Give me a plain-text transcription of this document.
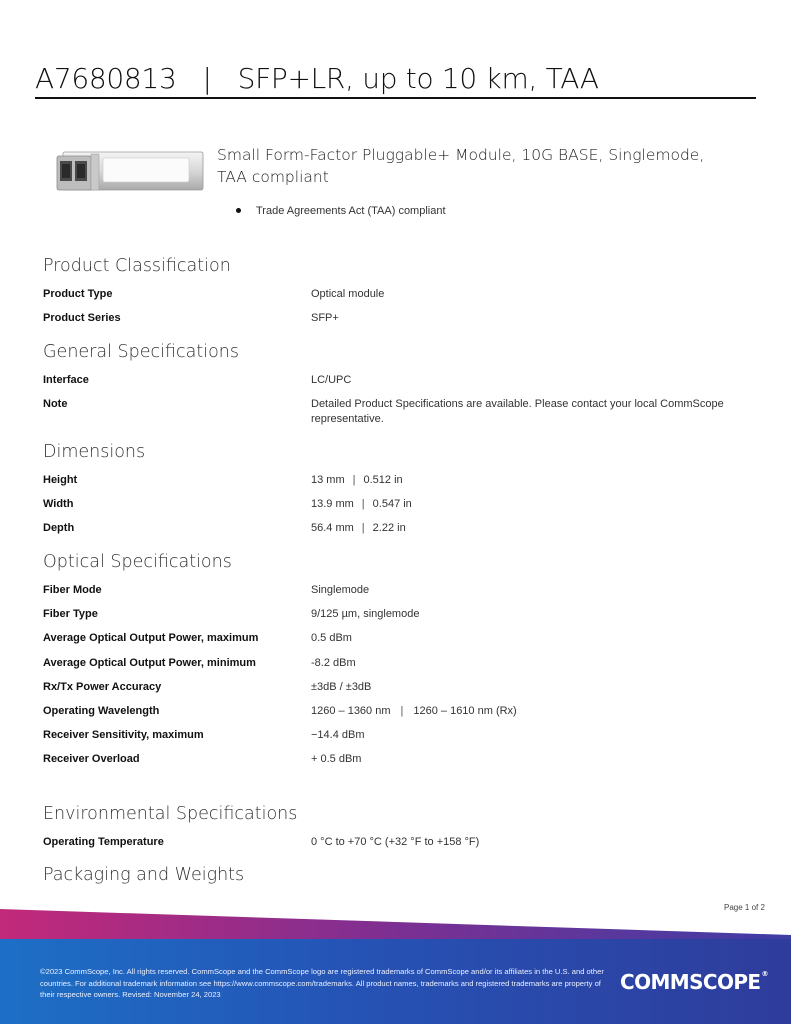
A7680813 | SFP+LR, up to 10 km, TAA
Small Form-Factor Pluggable+ Module, 10G BASE, Singlemode, TAA compliant
Trade Agreements Act (TAA) compliant
Product Classification
Product Type	Optical module
Product Series	SFP+
General Specifications
Interface	LC/UPC
Note	Detailed Product Specifications are available. Please contact your local CommScope representative.
Dimensions
Height	13 mm | 0.512 in
Width	13.9 mm | 0.547 in
Depth	56.4 mm | 2.22 in
Optical Specifications
Fiber Mode	Singlemode
Fiber Type	9/125 µm, singlemode
Average Optical Output Power, maximum	0.5 dBm
Average Optical Output Power, minimum	-8.2 dBm
Rx/Tx Power Accuracy	±3dB / ±3dB
Operating Wavelength	1260 – 1360 nm | 1260 – 1610 nm (Rx)
Receiver Sensitivity, maximum	−14.4 dBm
Receiver Overload	+ 0.5 dBm
Environmental Specifications
Operating Temperature	0 °C to +70 °C (+32 °F to +158 °F)
Packaging and Weights
Page 1 of 2
©2023 CommScope, Inc. All rights reserved. CommScope and the CommScope logo are registered trademarks of CommScope and/or its affiliates in the U.S. and other countries. For additional trademark information see https://www.commscope.com/trademarks. All product names, trademarks and registered trademarks are property of their respective owners. Revised: November 24, 2023
COMMSCOPE®
